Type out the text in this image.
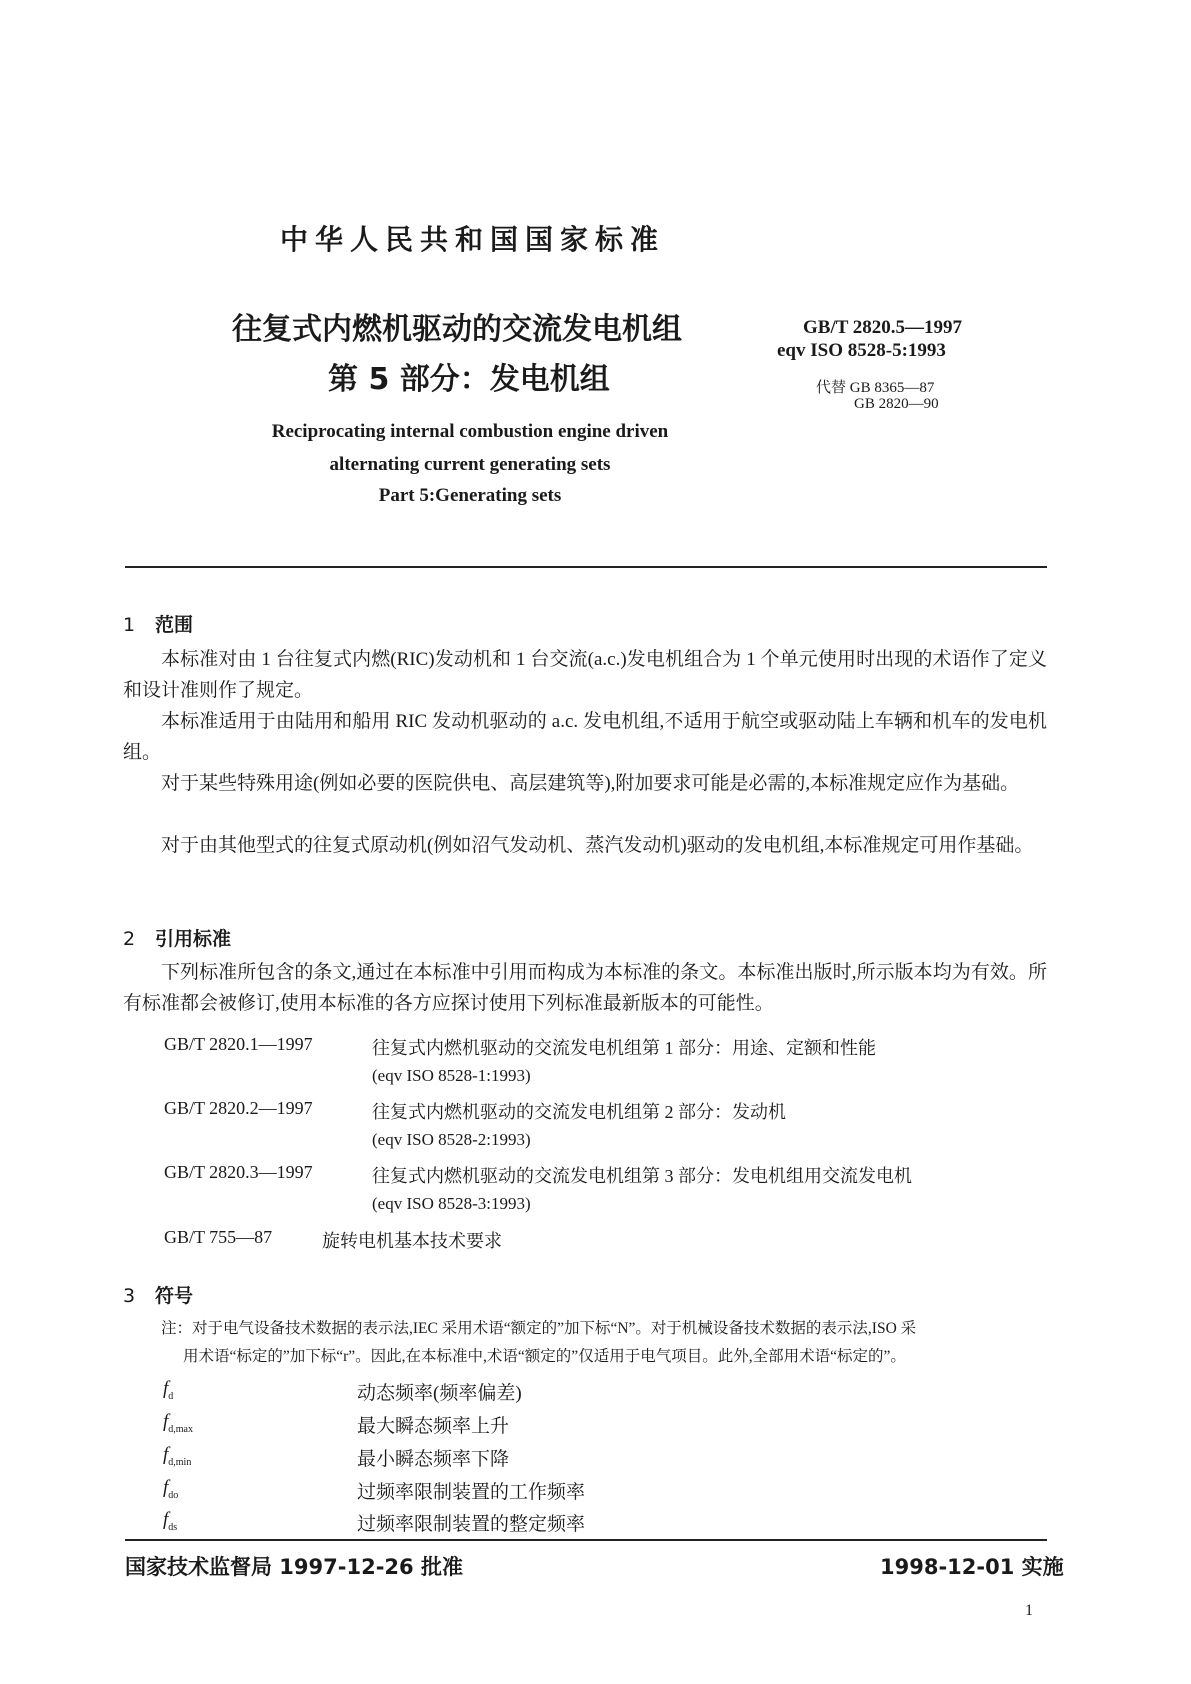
中华人民共和国国家标准
往复式内燃机驱动的交流发电机组
第 5 部分：发电机组
GB/T 2820.5—1997
eqv ISO 8528-5:1993
代替 GB 8365—87
GB 2820—90
Reciprocating internal combustion engine driven
alternating current generating sets
Part 5:Generating sets
1 范围
本标准对由 1 台往复式内燃(RIC)发动机和 1 台交流(a.c.)发电机组合为 1 个单元使用时出现的术语作了定义和设计准则作了规定。
本标准适用于由陆用和船用 RIC 发动机驱动的 a.c. 发电机组,不适用于航空或驱动陆上车辆和机车的发电机组。
对于某些特殊用途(例如必要的医院供电、高层建筑等),附加要求可能是必需的,本标准规定应作为基础。
对于由其他型式的往复式原动机(例如沼气发动机、蒸汽发动机)驱动的发电机组,本标准规定可用作基础。
2 引用标准
下列标准所包含的条文,通过在本标准中引用而构成为本标准的条文。本标准出版时,所示版本均为有效。所有标准都会被修订,使用本标准的各方应探讨使用下列标准最新版本的可能性。
GB/T 2820.1—1997	往复式内燃机驱动的交流发电机组第 1 部分：用途、定额和性能
(eqv ISO 8528-1:1993)
GB/T 2820.2—1997	往复式内燃机驱动的交流发电机组第 2 部分：发动机
(eqv ISO 8528-2:1993)
GB/T 2820.3—1997	往复式内燃机驱动的交流发电机组第 3 部分：发电机组用交流发电机
(eqv ISO 8528-3:1993)
GB/T 755—87	旋转电机基本技术要求
3 符号
注：对于电气设备技术数据的表示法,IEC 采用术语“额定的”加下标“N”。对于机械设备技术数据的表示法,ISO 采
用术语“标定的”加下标“r”。因此,在本标准中,术语“额定的”仅适用于电气项目。此外,全部用术语“标定的”。
$f_d$	动态频率(频率偏差)
$f_{d,max}$	最大瞬态频率上升
$f_{d,min}$	最小瞬态频率下降
$f_{do}$	过频率限制装置的工作频率
$f_{ds}$	过频率限制装置的整定频率
国家技术监督局 1997-12-26 批准	1998-12-01 实施
1
